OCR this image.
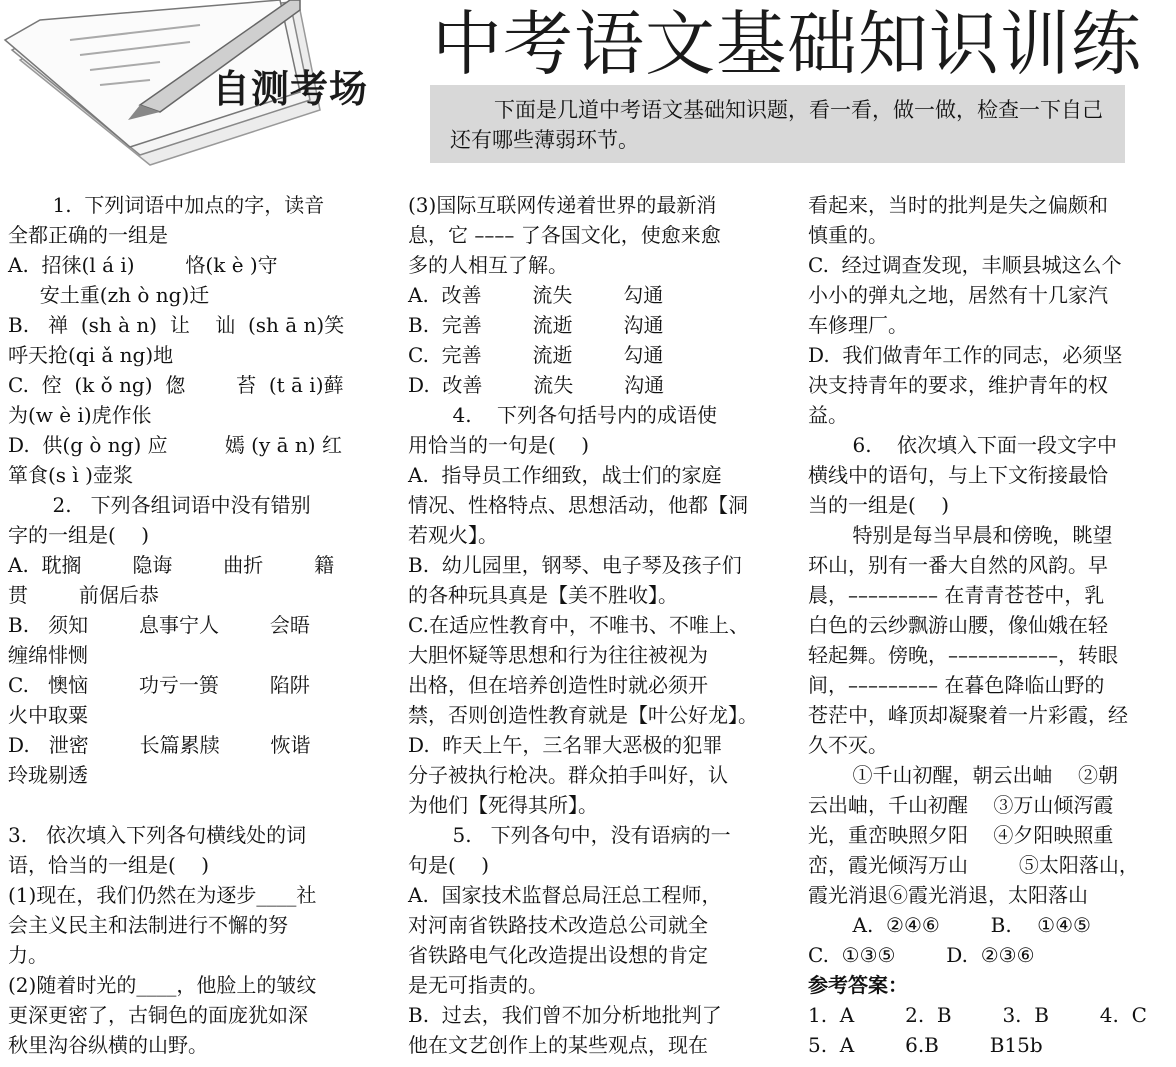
自测考场
中考语文基础知识训练
下面是几道中考语文基础知识题，看一看，做一做，检查一下自己还有哪些薄弱环节。
1.  下列词语中加点的字，读音
全都正确的一组是
A.  招徕(l á i)        恪(k è )守
安土重(zh ò ng)迁
B.   禅  (sh à n)  让    讪  (sh ā n)笑
呼天抢(qi ǎ ng)地
C.  倥  (k ǒ ng)  偬        苔  (t ā i)藓
为(w è i)虎作伥
D.  供(g ò ng) 应         嫣 (y ā n) 红
箪食(s ì )壶浆
2.   下列各组词语中没有错别
字的一组是(    )
A.  耽搁        隐诲        曲折        籍
贯        前倨后恭
B.   须知        息事宁人        会晤
缠绵悱恻
C.   懊恼        功亏一篑        陷阱
火中取粟
D.   泄密        长篇累牍        恢谐
玲珑剔透

3.   依次填入下列各句横线处的词
语，恰当的一组是(    )
(1)现在，我们仍然在为逐步____社
会主义民主和法制进行不懈的努
力。
(2)随着时光的____，他脸上的皱纹
更深更密了，古铜色的面庞犹如深
秋里沟谷纵横的山野。
(3)国际互联网传递着世界的最新消
息，它 –––– 了各国文化，使愈来愈
多的人相互了解。
A.  改善        流失        勾通
B.  完善        流逝        沟通
C.  完善        流逝        勾通
D.  改善        流失        沟通
4.    下列各句括号内的成语使
用恰当的一句是(    )
A.  指导员工作细致，战士们的家庭
情况、性格特点、思想活动，他都【洞
若观火】。
B.  幼儿园里，钢琴、电子琴及孩子们
的各种玩具真是【美不胜收】。
C.在适应性教育中，不唯书、不唯上、
大胆怀疑等思想和行为往往被视为
出格，但在培养创造性时就必须开
禁，否则创造性教育就是【叶公好龙】。
D.  昨天上午，三名罪大恶极的犯罪
分子被执行枪决。群众拍手叫好，认
为他们【死得其所】。
5.   下列各句中，没有语病的一
句是(    )
A.  国家技术监督总局汪总工程师，
对河南省铁路技术改造总公司就全
省铁路电气化改造提出设想的肯定
是无可指责的。
B.  过去，我们曾不加分析地批判了
他在文艺创作上的某些观点，现在
看起来，当时的批判是失之偏颇和
慎重的。
C.  经过调查发现，丰顺县城这么个
小小的弹丸之地，居然有十几家汽
车修理厂。
D.  我们做青年工作的同志，必须坚
决支持青年的要求，维护青年的权
益。
6.    依次填入下面一段文字中
横线中的语句，与上下文衔接最恰
当的一组是(    )
特别是每当早晨和傍晚，眺望
环山，别有一番大自然的风韵。早
晨，––––––––– 在青青苍苍中，乳
白色的云纱飘游山腰，像仙娥在轻
轻起舞。傍晚，–––––––––––，转眼
间，––––––––– 在暮色降临山野的
苍茫中，峰顶却凝聚着一片彩霞，经
久不灭。
①千山初醒，朝云出岫    ②朝
云出岫，千山初醒    ③万山倾泻霞
光，重峦映照夕阳    ④夕阳映照重
峦，霞光倾泻万山        ⑤太阳落山，
霞光消退⑥霞光消退，太阳落山
A.  ②④⑥        B.    ①④⑤
C.  ①③⑤        D.  ②③⑥
参考答案：
1.  A        2.  B        3.  B        4.  C
5.  A        6.B        B15b
